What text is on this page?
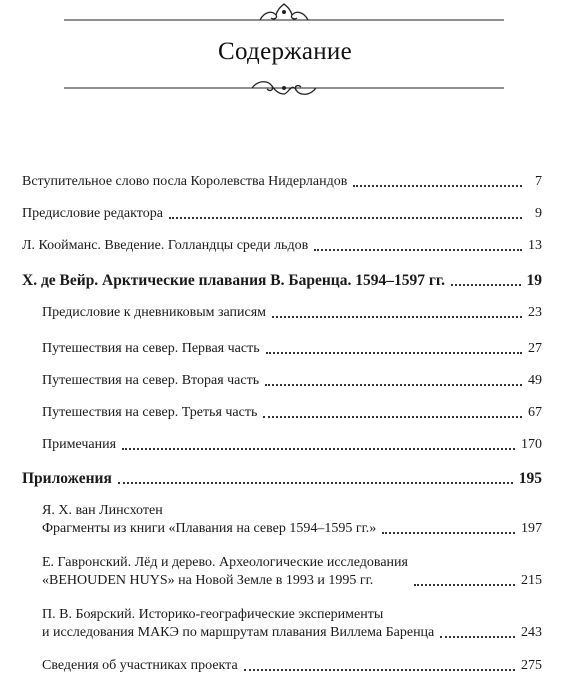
Содержание
Вступительное слово посла Королевства Нидерландов	7
Предисловие редактора	9
Л. Кооймaнс. Введение. Голландцы среди льдов	13
Х. де Вейр. Арктические плавания В. Баренца. 1594–1597 гг.	19
Предисловие к дневниковым записям	23
Путешествия на север. Первая часть	27
Путешествия на север. Вторая часть	49
Путешествия на север. Третья часть	67
Примечания	170
Приложения	195
Я. Х. ван Линсхотен
Фрагменты из книги «Плавания на север 1594–1595 гг.»	197
Е. Гавронский. Лёд и дерево. Археологические исследования
«BEHOUDEN HUYS» на Новой Земле в 1993 и 1995 гг.	215
П. В. Боярский. Историко-географические эксперименты
и исследования МАКЭ по маршрутам плавания Виллема Баренца	243
Сведения об участниках проекта	275
